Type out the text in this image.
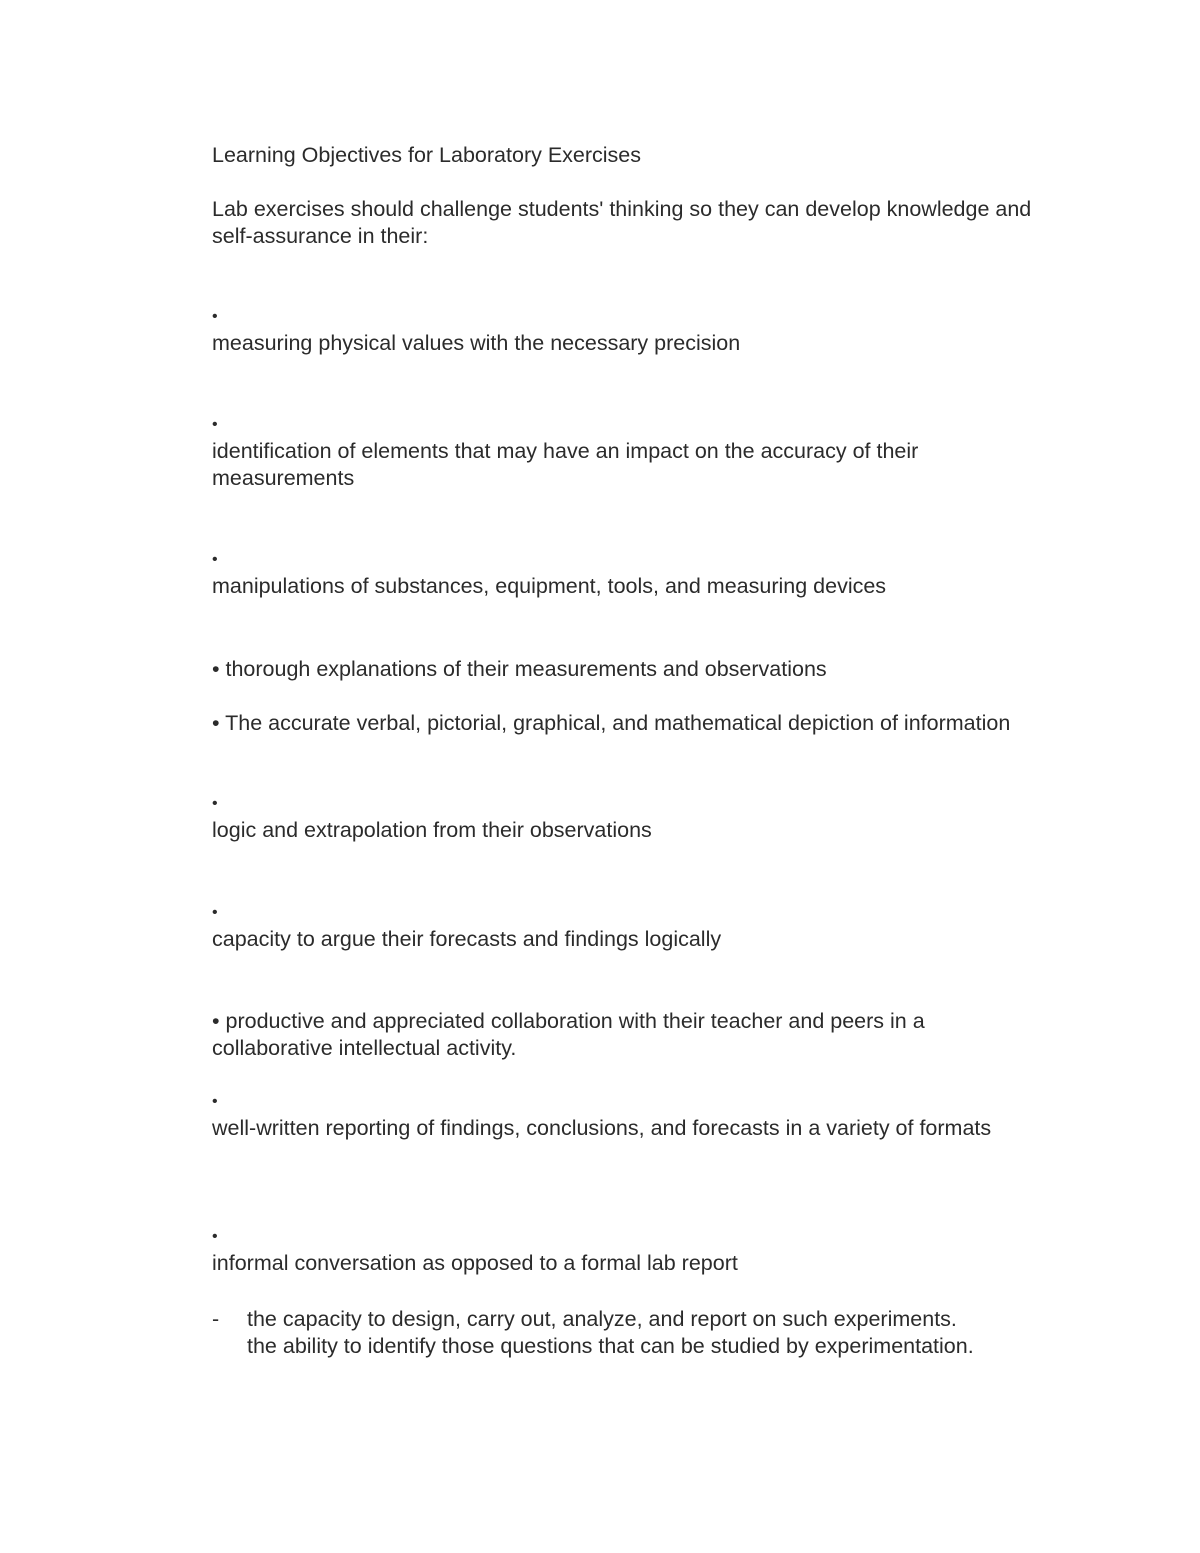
Learning Objectives for Laboratory Exercises

Lab exercises should challenge students' thinking so they can develop knowledge and self-assurance in their:

•
measuring physical values with the necessary precision
•
identification of elements that may have an impact on the accuracy of their measurements
•
manipulations of substances, equipment, tools, and measuring devices

• thorough explanations of their measurements and observations

• The accurate verbal, pictorial, graphical, and mathematical depiction of information

•
logic and extrapolation from their observations
•
capacity to argue their forecasts and findings logically

• productive and appreciated collaboration with their teacher and peers in a collaborative intellectual activity.

•
well-written reporting of findings, conclusions, and forecasts in a variety of formats
•
informal conversation as opposed to a formal lab report
- the capacity to design, carry out, analyze, and report on such experiments.
the ability to identify those questions that can be studied by experimentation.
